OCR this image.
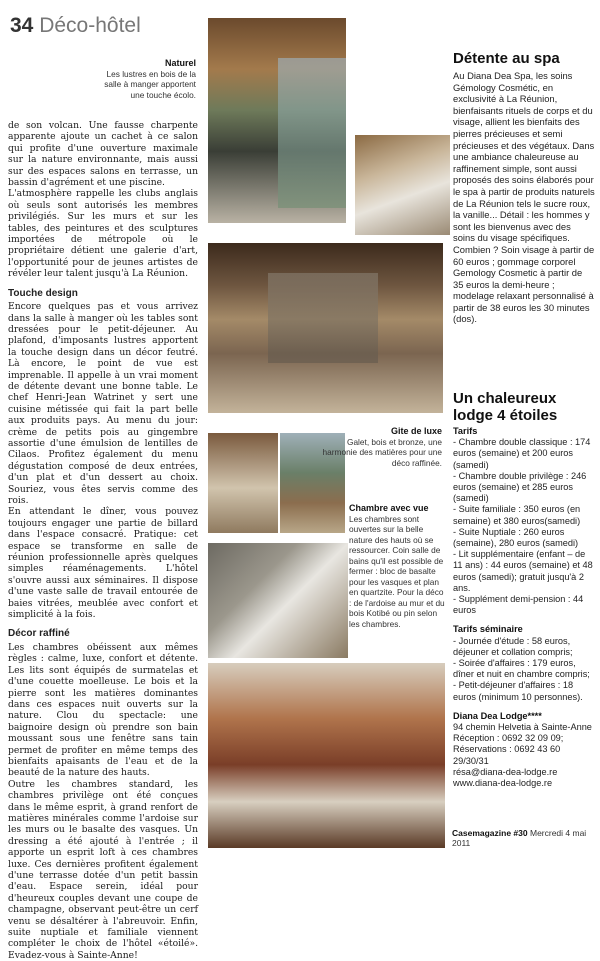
34 Déco-hôtel
Naturel
Les lustres en bois de la salle à manger apportent une touche écolo.

de son volcan. Une fausse charpente apparente ajoute un cachet à ce salon qui profite d'une ouverture maximale sur la nature environnante, mais aussi sur des espaces salons en terrasse, un bassin d'agrément et une piscine.

L'atmosphère rappelle les clubs anglais où seuls sont autorisés les membres privilégiés. Sur les murs et sur les tables, des peintures et des sculptures importées de métropole où le propriétaire détient une galerie d'art, l'opportunité pour de jeunes artistes de révéler leur talent jusqu'à La Réunion.

Touche design

Encore quelques pas et vous arrivez dans la salle à manger où les tables sont dressées pour le petit-déjeuner. Au plafond, d'imposants lustres apportent la touche design dans un décor feutré. Là encore, le point de vue est imprenable. Il appelle à un vrai moment de détente devant une bonne table. Le chef Henri-Jean Watrinet y sert une cuisine métissée qui fait la part belle aux produits pays. Au menu du jour: crème de petits pois au gingembre assortie d'une émulsion de lentilles de Cilaos. Profitez également du menu dégustation composé de deux entrées, d'un plat et d'un dessert au choix. Souriez, vous êtes servis comme des rois.

En attendant le dîner, vous pouvez toujours engager une partie de billard dans l'espace consacré. Pratique: cet espace se transforme en salle de réunion professionnelle après quelques simples réaménagements. L'hôtel s'ouvre aussi aux séminaires. Il dispose d'une vaste salle de travail entourée de baies vitrées, meublée avec confort et simplicité à la fois.

Décor raffiné

Les chambres obéissent aux mêmes règles : calme, luxe, confort et détente. Les lits sont équipés de surmatelas et d'une couette moelleuse. Le bois et la pierre sont les matières dominantes dans ces espaces nuit ouverts sur la nature. Clou du spectacle: une baignoire design où prendre son bain moussant sous une fenêtre sans tain permet de profiter en même temps des bienfaits apaisants de l'eau et de la beauté de la nature des hauts.

Outre les chambres standard, les chambres privilège ont été conçues dans le même esprit, à grand renfort de matières minérales comme l'ardoise sur les murs ou le basalte des vasques. Un dressing a été ajouté à l'entrée ; il apporte un esprit loft à ces chambres luxe. Ces dernières profitent également d'une terrasse dotée d'un petit bassin d'eau. Espace serein, idéal pour d'heureux couples devant une coupe de champagne, observant peut-être un cerf venu se désaltérer à l'abreuvoir. Enfin, suite nuptiale et familiale viennent compléter le choix de l'hôtel «étoilé». Evadez-vous à Sainte-Anne!

Gite de luxe
Galet, bois et bronze, une harmonie des matières pour une déco raffinée.
Chambre avec vue
Les chambres sont ouvertes sur la belle nature des hauts où se ressourcer. Coin salle de bains qu'il est possible de fermer : bloc de basalte pour les vasques et plan en quartzite. Pour la déco : de l'ardoise au mur et du bois Kotibé ou pin selon les chambres.
Détente au spa
Au Diana Dea Spa, les soins Gémology Cosmétic, en exclusivité à La Réunion, bienfaisants rituels de corps et du visage, allient les bienfaits des pierres précieuses et semi précieuses et des végétaux. Dans une ambiance chaleureuse au raffinement simple, sont aussi proposés des soins élaborés pour le spa à partir de produits naturels de La Réunion tels le sucre roux, la vanille... Détail : les hommes y sont les bienvenus avec des soins du visage spécifiques. Combien ? Soin visage à partir de 60 euros ; gommage corporel Gemology Cosmetic à partir de 35 euros la demi-heure ; modelage relaxant personnalisé à partir de 38 euros les 30 minutes (dos).
Un chaleureux lodge 4 étoiles
Tarifs
- Chambre double classique : 174 euros (semaine) et 200 euros (samedi)
- Chambre double privilège : 246 euros (semaine) et 285 euros (samedi)
- Suite familiale : 350 euros (en semaine) et 380 euros(samedi)
- Suite Nuptiale : 260 euros (semaine), 280 euros (samedi)
- Lit supplémentaire (enfant – de 11 ans) : 44 euros (semaine) et 48 euros (samedi); gratuit jusqu'à 2 ans.
- Supplément demi-pension : 44 euros
Tarifs séminaire
- Journée d'étude : 58 euros, déjeuner et collation compris;
- Soirée d'affaires : 179 euros, dîner et nuit en chambre compris;
- Petit-déjeuner d'affaires : 18 euros (minimum 10 personnes).
Diana Dea Lodge****
94 chemin Helvetia à Sainte-Anne
Réception : 0692 32 09 09;
Réservations : 0692 43 60 29/30/31
résa@diana-dea-lodge.re
www.diana-dea-lodge.re
Casemagazine #30 Mercredi 4 mai 2011
